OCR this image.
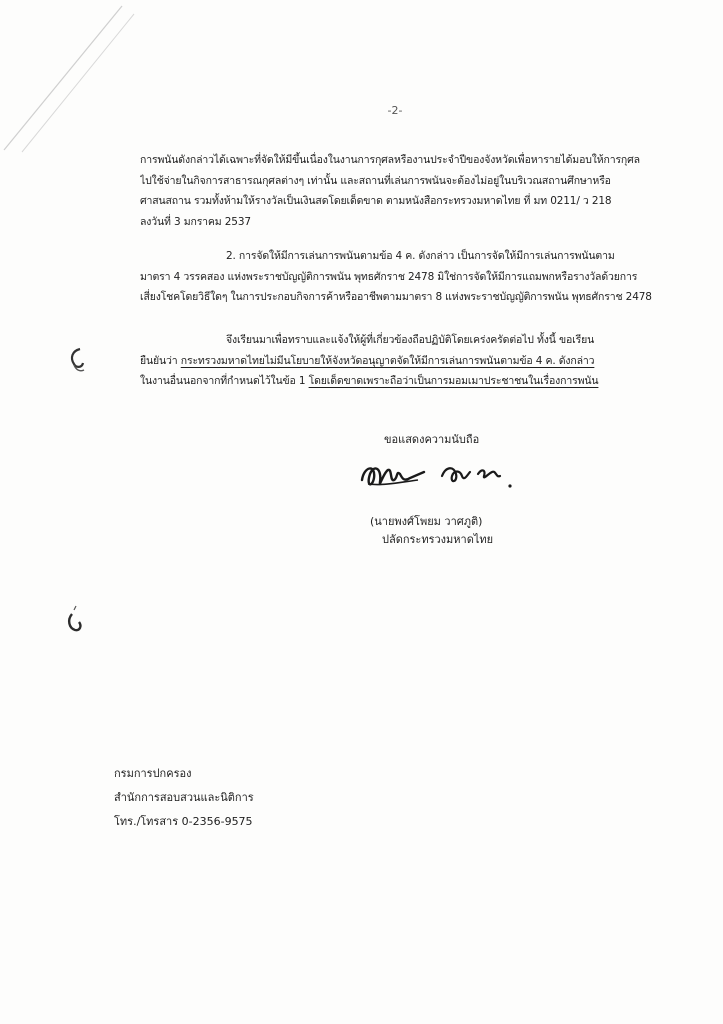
-2-
การพนันดังกล่าวได้เฉพาะที่จัดให้มีขึ้นเนื่องในงานการกุศลหรืองานประจำปีของจังหวัดเพื่อหารายได้มอบให้การกุศล
ไปใช้จ่ายในกิจการสาธารณกุศลต่างๆ เท่านั้น และสถานที่เล่นการพนันจะต้องไม่อยู่ในบริเวณสถานศึกษาหรือ
ศาสนสถาน รวมทั้งห้ามให้รางวัลเป็นเงินสดโดยเด็ดขาด ตามหนังสือกระทรวงมหาดไทย ที่ มท 0211/ ว 218
ลงวันที่ 3 มกราคม 2537
2. การจัดให้มีการเล่นการพนันตามข้อ 4 ค. ดังกล่าว เป็นการจัดให้มีการเล่นการพนันตาม
มาตรา 4 วรรคสอง แห่งพระราชบัญญัติการพนัน พุทธศักราช 2478 มิใช่การจัดให้มีการแถมพกหรือรางวัลด้วยการ
เสี่ยงโชคโดยวิธีใดๆ ในการประกอบกิจการค้าหรืออาชีพตามมาตรา 8 แห่งพระราชบัญญัติการพนัน พุทธศักราช 2478
จึงเรียนมาเพื่อทราบและแจ้งให้ผู้ที่เกี่ยวข้องถือปฏิบัติโดยเคร่งครัดต่อไป ทั้งนี้ ขอเรียน
ยืนยันว่า กระทรวงมหาดไทยไม่มีนโยบายให้จังหวัดอนุญาตจัดให้มีการเล่นการพนันตามข้อ 4 ค. ดังกล่าว
ในงานอื่นนอกจากที่กำหนดไว้ในข้อ 1 โดยเด็ดขาดเพราะถือว่าเป็นการมอมเมาประชาชนในเรื่องการพนัน
ขอแสดงความนับถือ
(นายพงศ์โพยม วาศภูติ)
ปลัดกระทรวงมหาดไทย
กรมการปกครอง
สำนักการสอบสวนและนิติการ
โทร./โทรสาร 0-2356-9575
